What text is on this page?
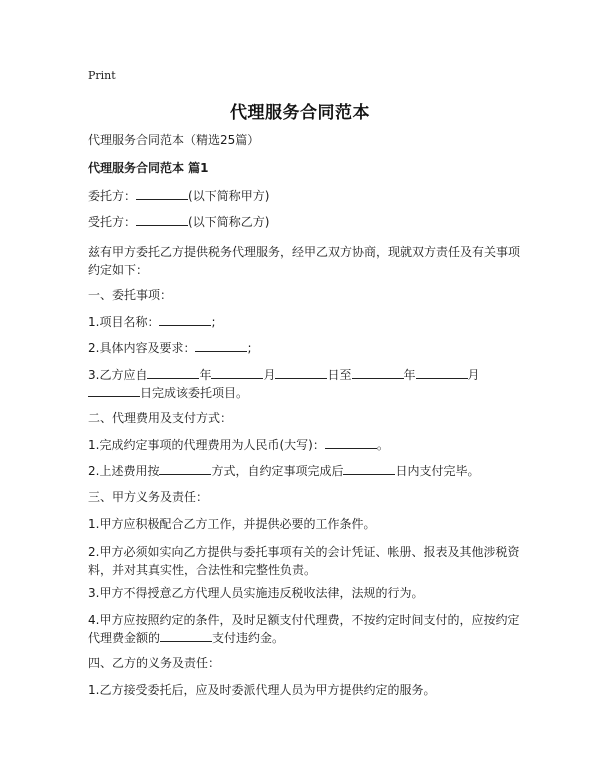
Print
代理服务合同范本
代理服务合同范本（精选25篇）
代理服务合同范本 篇1
委托方：	(以下简称甲方)
受托方：	(以下简称乙方)
兹有甲方委托乙方提供税务代理服务，经甲乙双方协商，现就双方责任及有关事项
约定如下：
一、委托事项：
1.项目名称：	;
2.具体内容及要求：	;
3.乙方应自	年	月	日至	年	月
日完成该委托项目。
二、代理费用及支付方式：
1.完成约定事项的代理费用为人民币(大写)：	。
2.上述费用按	方式，自约定事项完成后	日内支付完毕。
三、甲方义务及责任：
1.甲方应积极配合乙方工作，并提供必要的工作条件。
2.甲方必须如实向乙方提供与委托事项有关的会计凭证、帐册、报表及其他涉税资
料，并对其真实性，合法性和完整性负责。
3.甲方不得授意乙方代理人员实施违反税收法律，法规的行为。
4.甲方应按照约定的条件，及时足额支付代理费，不按约定时间支付的，应按约定
代理费金额的	支付违约金。
四、乙方的义务及责任：
1.乙方接受委托后，应及时委派代理人员为甲方提供约定的服务。
